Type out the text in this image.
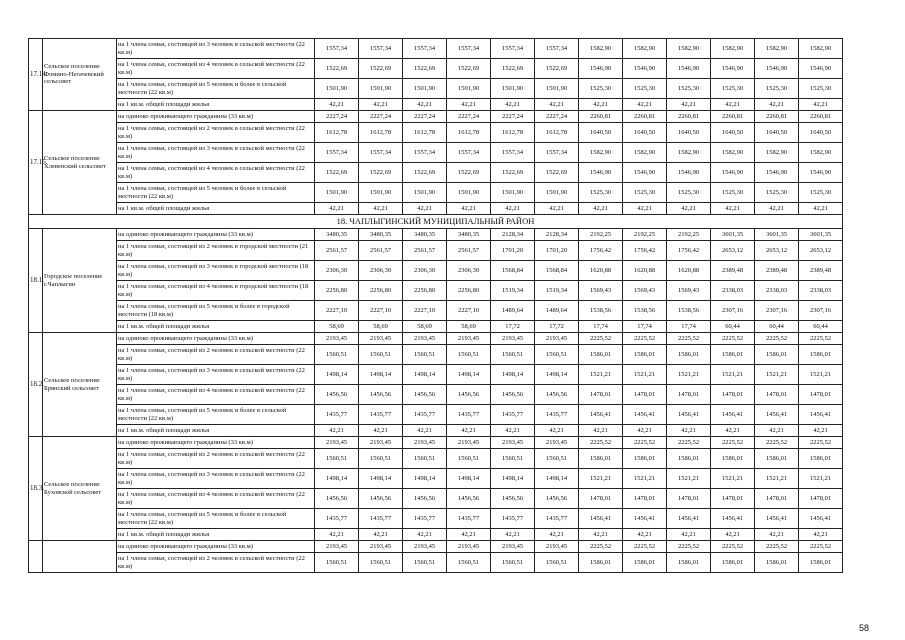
17.14.	Сельское поселение Фомино-Негачевский сельсовет	на 1 члена семьи, состоящей из 3 человек в сельской местности (22 кв.м)	1557,34	1557,34	1557,34	1557,34	1557,34	1557,34	1582,90	1582,90	1582,90	1582,90	1582,90	1582,90
		на 1 члена семьи, состоящей из 4 человек в сельской местности (22 кв.м)	1522,69	1522,69	1522,69	1522,69	1522,69	1522,69	1546,90	1546,90	1546,90	1546,90	1546,90	1546,90
		на 1 члена семьи, состоящей из 5 человек и более в сельской местности (22 кв.м)	1501,90	1501,90	1501,90	1501,90	1501,90	1501,90	1525,30	1525,30	1525,30	1525,30	1525,30	1525,30
		на 1 кв.м. общей площади жилья	42,21	42,21	42,21	42,21	42,21	42,21	42,21	42,21	42,21	42,21	42,21	42,21
17.15.	Сельское поселение Хлевенский сельсовет	на одиноко проживающего гражданина (33 кв.м)	2227,24	2227,24	2227,24	2227,24	2227,24	2227,24	2260,81	2260,81	2260,81	2260,81	2260,81	2260,81
		на 1 члена семьи, состоящей из 2 человек в сельской местности (22 кв.м)	1612,78	1612,78	1612,78	1612,78	1612,78	1612,78	1640,50	1640,50	1640,50	1640,50	1640,50	1640,50
		на 1 члена семьи, состоящей из 3 человек в сельской местности (22 кв.м)	1557,34	1557,34	1557,34	1557,34	1557,34	1557,34	1582,90	1582,90	1582,90	1582,90	1582,90	1582,90
		на 1 члена семьи, состоящей из 4 человек в сельской местности (22 кв.м)	1522,69	1522,69	1522,69	1522,69	1522,69	1522,69	1546,90	1546,90	1546,90	1546,90	1546,90	1546,90
		на 1 члена семьи, состоящей из 5 человек и более в сельской местности (22 кв.м)	1501,90	1501,90	1501,90	1501,90	1501,90	1501,90	1525,30	1525,30	1525,30	1525,30	1525,30	1525,30
		на 1 кв.м. общей площади жилья	42,21	42,21	42,21	42,21	42,21	42,21	42,21	42,21	42,21	42,21	42,21	42,21
18. ЧАПЛЫГИНСКИЙ МУНИЦИПАЛЬНЫЙ РАЙОН														
18.1.	Городское поселение г.Чаплыгин	на одиноко проживающего гражданина (33 кв.м)	3480,35	3480,35	3480,35	3480,35	2128,34	2128,34	2192,25	2192,25	2192,25	3601,35	3601,35	3601,35
		на 1 члена семьи, состоящей из 2 человек в городской местности (21 кв.м)	2561,57	2561,57	2561,57	2561,57	1701,20	1701,20	1756,42	1756,42	1756,42	2653,12	2653,12	2653,12
		на 1 члена семьи, состоящей из 3 человек в городской местности (18 кв.м)	2306,30	2306,30	2306,30	2306,30	1568,84	1568,84	1620,88	1620,88	1620,88	2389,48	2389,48	2389,48
		на 1 члена семьи, состоящей из 4 человек в городской местности (18 кв.м)	2256,80	2256,80	2256,80	2256,80	1519,34	1519,34	1569,43	1569,43	1569,43	2338,03	2338,03	2338,03
		на 1 члена семьи, состоящей из 5 человек и более в городской местности (18 кв.м)	2227,10	2227,10	2227,10	2227,10	1489,64	1489,64	1538,56	1538,56	1538,56	2307,16	2307,16	2307,16
		на 1 кв.м. общей площади жилья	58,69	58,69	58,69	58,69	17,72	17,72	17,74	17,74	17,74	60,44	60,44	60,44
18.2.	Сельское поселение Брянский сельсовет	на одиноко проживающего гражданина (33 кв.м)	2193,45	2193,45	2193,45	2193,45	2193,45	2193,45	2225,52	2225,52	2225,52	2225,52	2225,52	2225,52
		на 1 члена семьи, состоящей из 2 человек в сельской местности (22 кв.м)	1560,51	1560,51	1560,51	1560,51	1560,51	1560,51	1586,01	1586,01	1586,01	1586,01	1586,01	1586,01
		на 1 члена семьи, состоящей из 3 человек в сельской местности (22 кв.м)	1498,14	1498,14	1498,14	1498,14	1498,14	1498,14	1521,21	1521,21	1521,21	1521,21	1521,21	1521,21
		на 1 члена семьи, состоящей из 4 человек в сельской местности (22 кв.м)	1456,56	1456,56	1456,56	1456,56	1456,56	1456,56	1478,01	1478,01	1478,01	1478,01	1478,01	1478,01
		на 1 члена семьи, состоящей из 5 человек и более в сельской местности (22 кв.м)	1435,77	1435,77	1435,77	1435,77	1435,77	1435,77	1456,41	1456,41	1456,41	1456,41	1456,41	1456,41
		на 1 кв.м. общей площади жилья	42,21	42,21	42,21	42,21	42,21	42,21	42,21	42,21	42,21	42,21	42,21	42,21
18.3.	Сельское поселение Буховской сельсовет	на одиноко проживающего гражданина (33 кв.м)	2193,45	2193,45	2193,45	2193,45	2193,45	2193,45	2225,52	2225,52	2225,52	2225,52	2225,52	2225,52
		на 1 члена семьи, состоящей из 2 человек в сельской местности (22 кв.м)	1560,51	1560,51	1560,51	1560,51	1560,51	1560,51	1586,01	1586,01	1586,01	1586,01	1586,01	1586,01
		на 1 члена семьи, состоящей из 3 человек в сельской местности (22 кв.м)	1498,14	1498,14	1498,14	1498,14	1498,14	1498,14	1521,21	1521,21	1521,21	1521,21	1521,21	1521,21
		на 1 члена семьи, состоящей из 4 человек в сельской местности (22 кв.м)	1456,56	1456,56	1456,56	1456,56	1456,56	1456,56	1478,01	1478,01	1478,01	1478,01	1478,01	1478,01
		на 1 члена семьи, состоящей из 5 человек и более в сельской местности (22 кв.м)	1435,77	1435,77	1435,77	1435,77	1435,77	1435,77	1456,41	1456,41	1456,41	1456,41	1456,41	1456,41
		на 1 кв.м. общей площади жилья	42,21	42,21	42,21	42,21	42,21	42,21	42,21	42,21	42,21	42,21	42,21	42,21
		на одиноко проживающего гражданина (33 кв.м)	2193,45	2193,45	2193,45	2193,45	2193,45	2193,45	2225,52	2225,52	2225,52	2225,52	2225,52	2225,52
		на 1 члена семьи, состоящей из 2 человек в сельской местности (22 кв.м)	1560,51	1560,51	1560,51	1560,51	1560,51	1560,51	1586,01	1586,01	1586,01	1586,01	1586,01	1586,01
58
